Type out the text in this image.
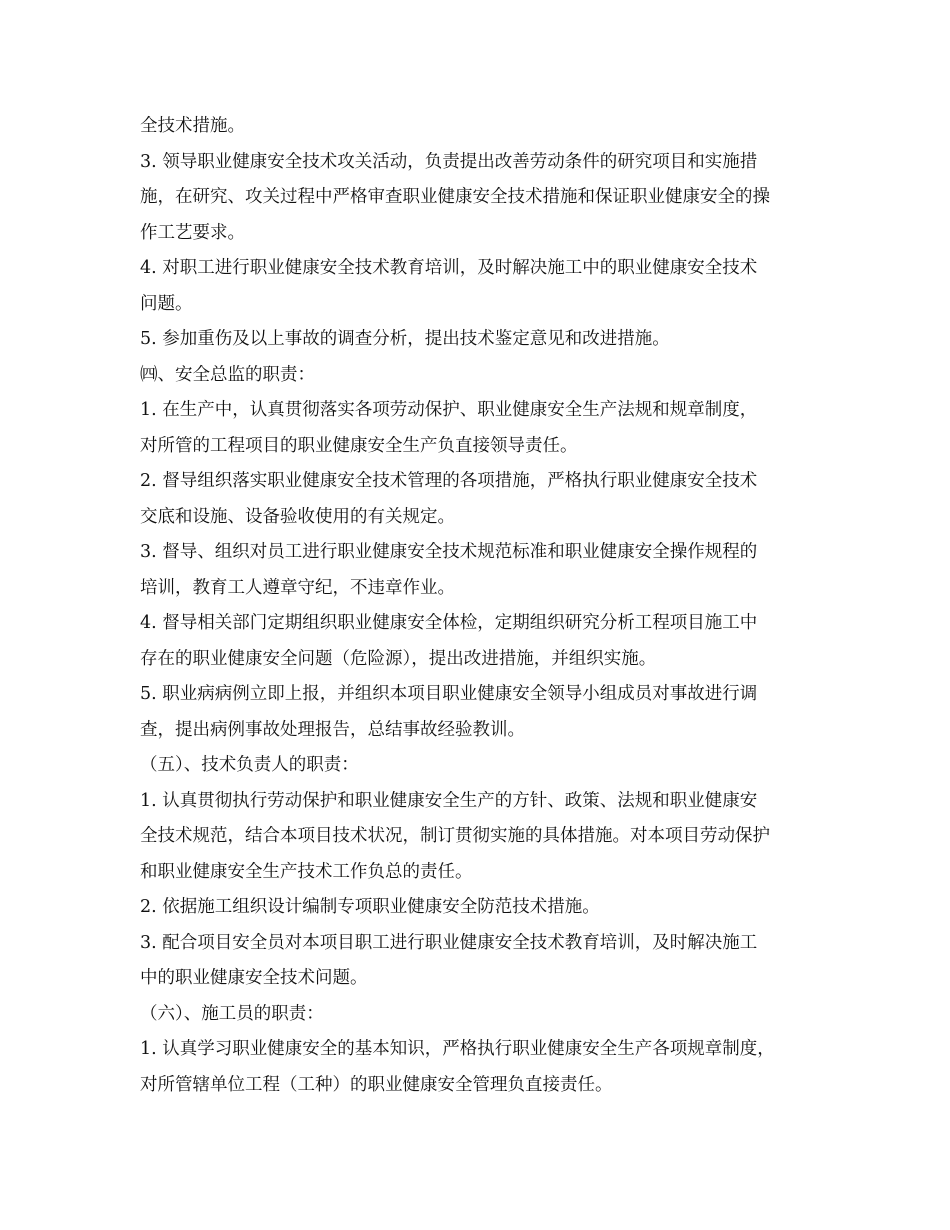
全技术措施。
3. 领导职业健康安全技术攻关活动，负责提出改善劳动条件的研究项目和实施措
施，在研究、攻关过程中严格审查职业健康安全技术措施和保证职业健康安全的操
作工艺要求。
4. 对职工进行职业健康安全技术教育培训，及时解决施工中的职业健康安全技术
问题。
5. 参加重伤及以上事故的调查分析，提出技术鉴定意见和改进措施。
㈣、安全总监的职责：
1. 在生产中，认真贯彻落实各项劳动保护、职业健康安全生产法规和规章制度，
对所管的工程项目的职业健康安全生产负直接领导责任。
2. 督导组织落实职业健康安全技术管理的各项措施，严格执行职业健康安全技术
交底和设施、设备验收使用的有关规定。
3. 督导、组织对员工进行职业健康安全技术规范标准和职业健康安全操作规程的
培训，教育工人遵章守纪，不违章作业。
4. 督导相关部门定期组织职业健康安全体检，定期组织研究分析工程项目施工中
存在的职业健康安全问题（危险源），提出改进措施，并组织实施。
5. 职业病病例立即上报，并组织本项目职业健康安全领导小组成员对事故进行调
查，提出病例事故处理报告，总结事故经验教训。
（五）、技术负责人的职责：
1. 认真贯彻执行劳动保护和职业健康安全生产的方针、政策、法规和职业健康安
全技术规范，结合本项目技术状况，制订贯彻实施的具体措施。对本项目劳动保护
和职业健康安全生产技术工作负总的责任。
2. 依据施工组织设计编制专项职业健康安全防范技术措施。
3. 配合项目安全员对本项目职工进行职业健康安全技术教育培训，及时解决施工
中的职业健康安全技术问题。
（六）、施工员的职责：
1. 认真学习职业健康安全的基本知识，严格执行职业健康安全生产各项规章制度，
对所管辖单位工程（工种）的职业健康安全管理负直接责任。
